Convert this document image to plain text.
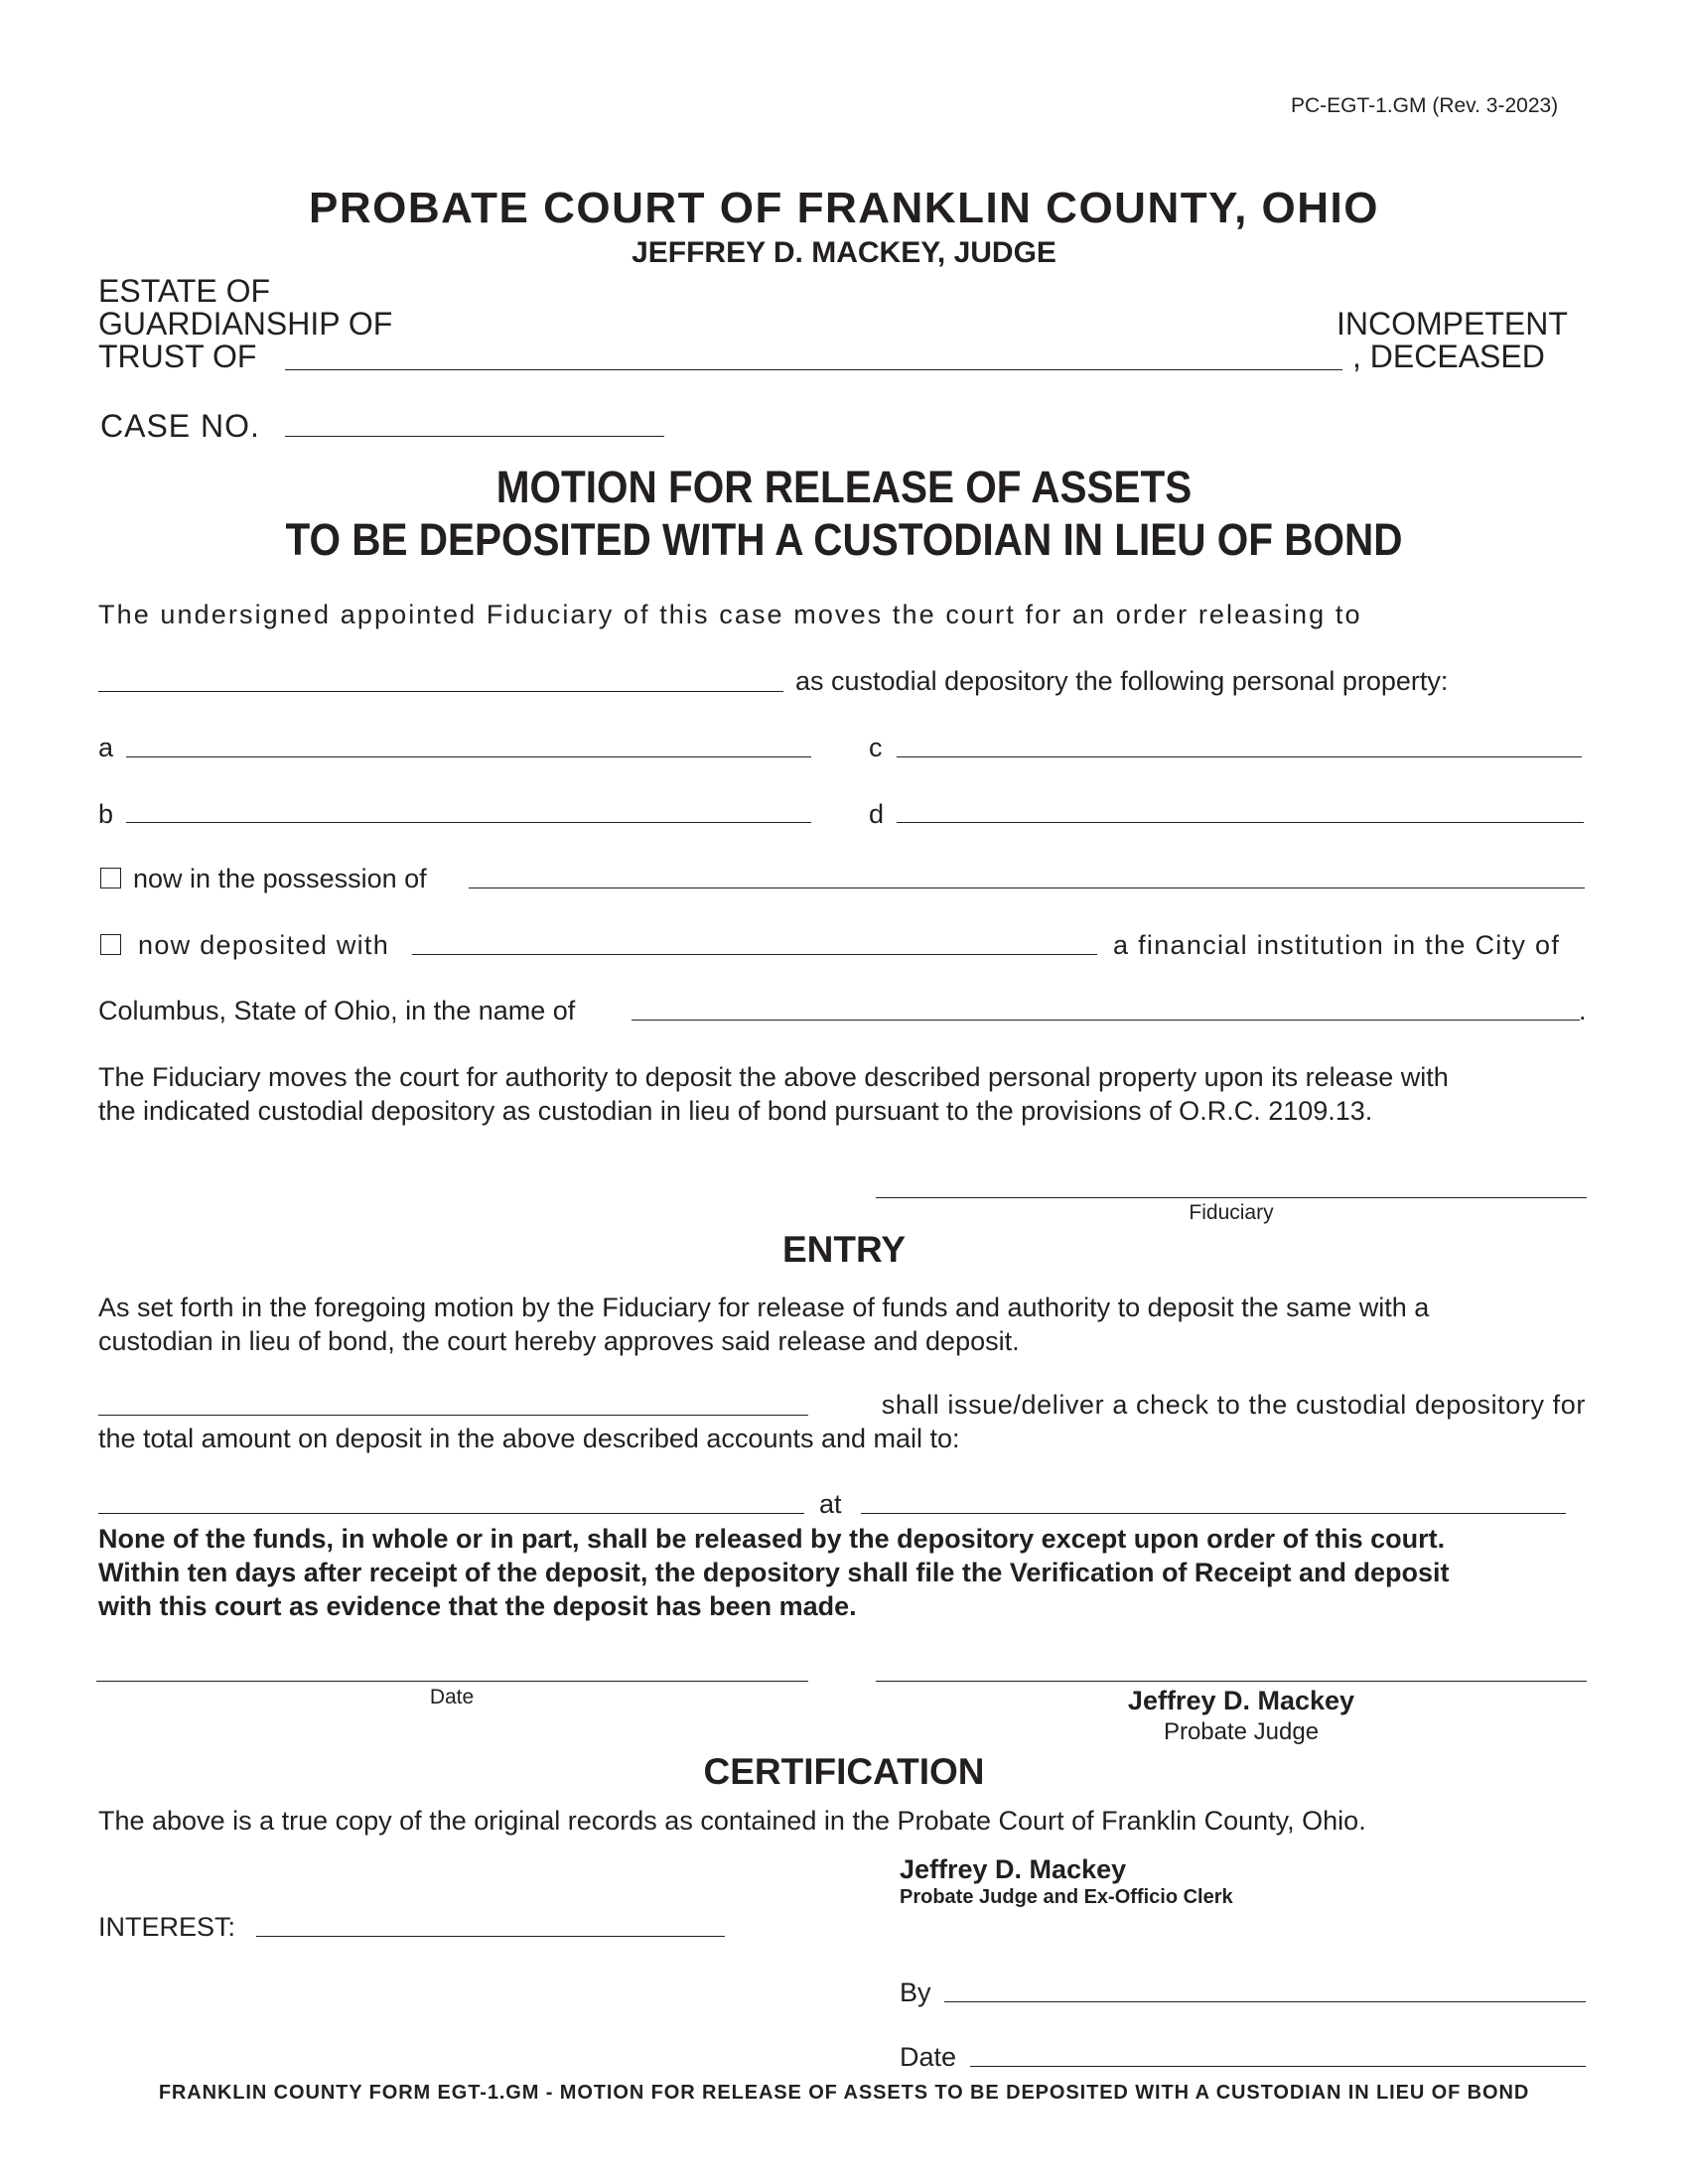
PC-EGT-1.GM (Rev. 3-2023)
PROBATE COURT OF FRANKLIN COUNTY, OHIO
JEFFREY D. MACKEY, JUDGE
ESTATE OF
GUARDIANSHIP OF
TRUST OF
INCOMPETENT
, DECEASED
CASE NO.
MOTION FOR RELEASE OF ASSETS
TO BE DEPOSITED WITH A CUSTODIAN IN LIEU OF BOND
The undersigned appointed Fiduciary of this case moves the court for an order releasing to
as custodial depository the following personal property:
a	c
b	d
now in the possession of
now deposited with	a financial institution in the City of
Columbus, State of Ohio, in the name of	.
The Fiduciary moves the court for authority to deposit the above described personal property upon its release with
the indicated custodial depository as custodian in lieu of bond pursuant to the provisions of O.R.C. 2109.13.
Fiduciary
ENTRY
As set forth in the foregoing motion by the Fiduciary for release of funds and authority to deposit the same with a
custodian in lieu of bond, the court hereby approves said release and deposit.
shall issue/deliver a check to the custodial depository for
the total amount on deposit in the above described accounts and mail to:
at
None of the funds, in whole or in part, shall be released by the depository except upon order of this court.
Within ten days after receipt of the deposit, the depository shall file the Verification of Receipt and deposit
with this court as evidence that the deposit has been made.
Date	Jeffrey D. Mackey
Probate Judge
CERTIFICATION
The above is a true copy of the original records as contained in the Probate Court of Franklin County, Ohio.
Jeffrey D. Mackey
Probate Judge and Ex-Officio Clerk
INTEREST:
By
Date
FRANKLIN COUNTY FORM EGT-1.GM - MOTION FOR RELEASE OF ASSETS TO BE DEPOSITED WITH A CUSTODIAN IN LIEU OF BOND
